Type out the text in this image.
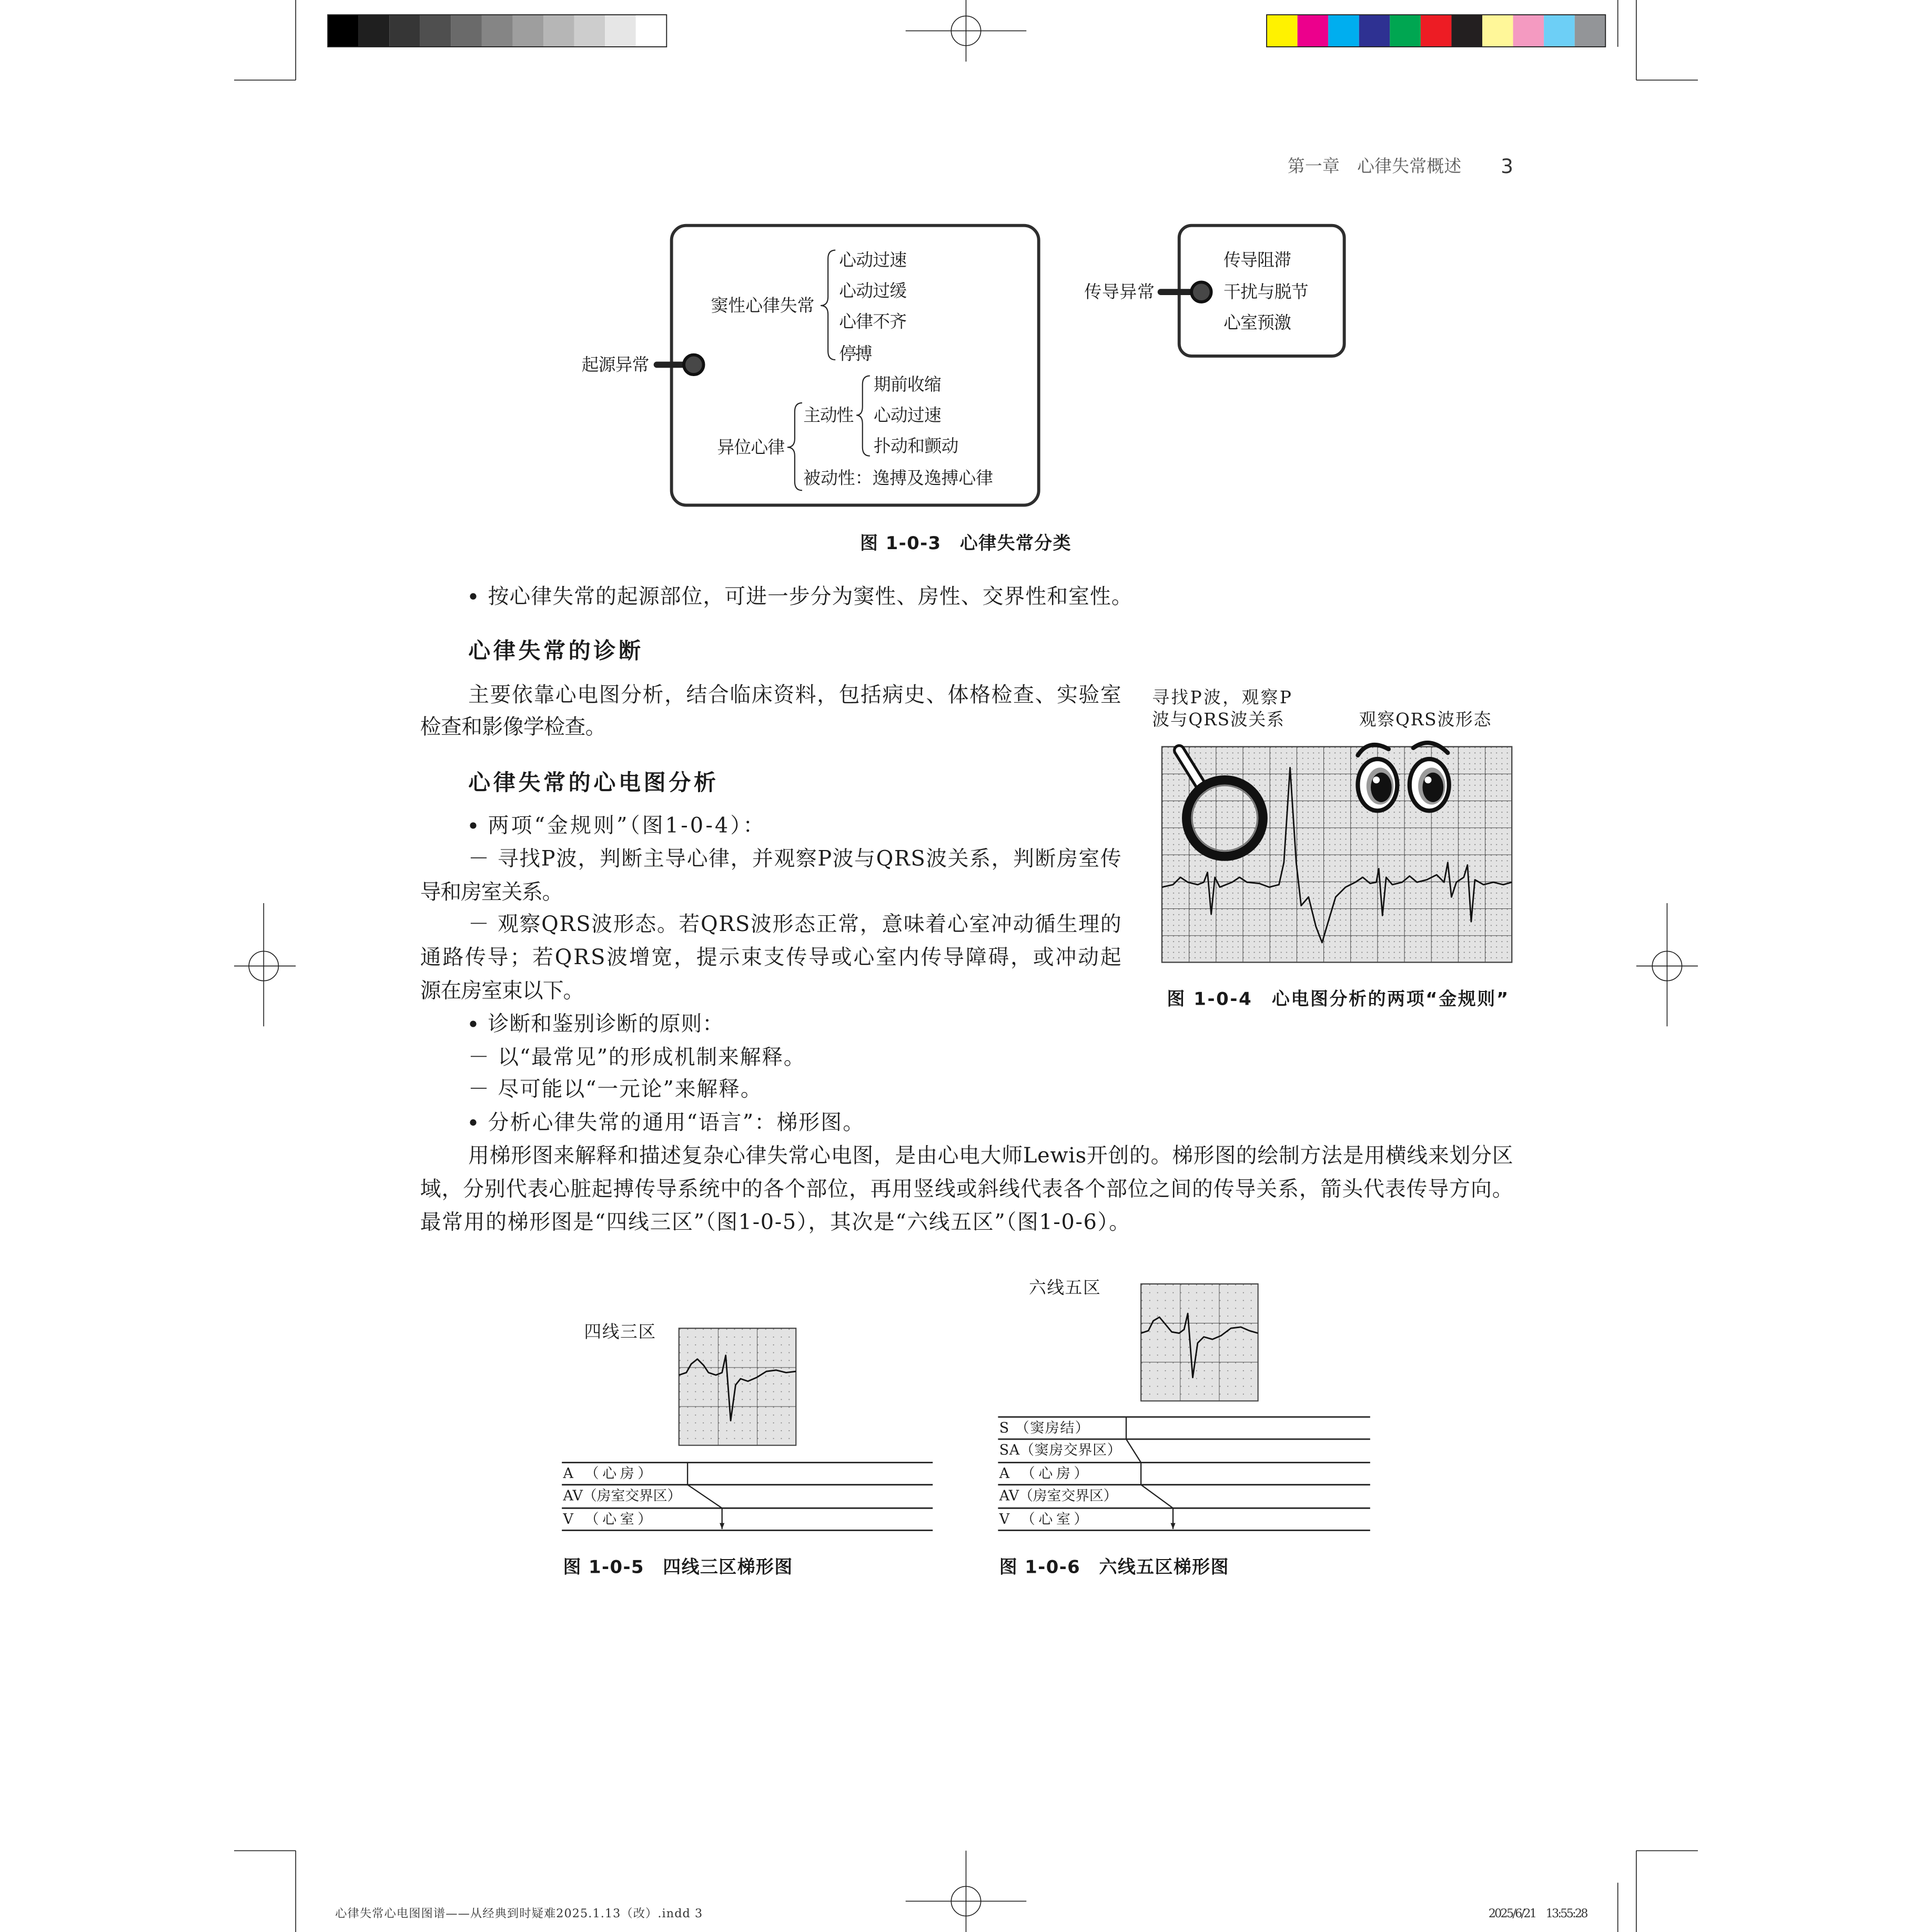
第一章　心律失常概述	3
起源异常
传导异常
窦性心律失常
心动过速
心动过缓
心律不齐
停搏
异位心律
主动性
期前收缩
心动过速
扑动和颤动
被动性：逸搏及逸搏心律
传导阻滞
干扰与脱节
心室预激
图 1-0-3　心律失常分类
按心律失常的起源部位，可进一步分为窦性、房性、交界性和室性。
心律失常的诊断
主要依靠心电图分析，结合临床资料，包括病史、体格检查、实验室
检查和影像学检查。
心律失常的心电图分析
两项“金规则”（图1-0-4）：
－ 寻找P波，判断主导心律，并观察P波与QRS波关系，判断房室传
导和房室关系。
－ 观察QRS波形态。若QRS波形态正常，意味着心室冲动循生理的
通路传导；若QRS波增宽，提示束支传导或心室内传导障碍，或冲动起
源在房室束以下。
诊断和鉴别诊断的原则：
－ 以“最常见”的形成机制来解释。
－ 尽可能以“一元论”来解释。
分析心律失常的通用“语言”：梯形图。
用梯形图来解释和描述复杂心律失常心电图，是由心电大师Lewis开创的。梯形图的绘制方法是用横线来划分区
域，分别代表心脏起搏传导系统中的各个部位，再用竖线或斜线代表各个部位之间的传导关系，箭头代表传导方向。
最常用的梯形图是“四线三区”（图1-0-5），其次是“六线五区”（图1-0-6）。
寻找P波，观察P
波与QRS波关系	观察QRS波形态
图 1-0-4　心电图分析的两项“金规则”
四线三区
A （心房）
AV（房室交界区）
V （心室）
图 1-0-5　四线三区梯形图
六线五区
S （窦房结）
SA（窦房交界区）
A （心房）
AV（房室交界区）
V （心室）
图 1-0-6　六线五区梯形图
心律失常心电图图谱——从经典到时疑难2025.1.13（改）.indd 3	2025/6/21　13:55:28
